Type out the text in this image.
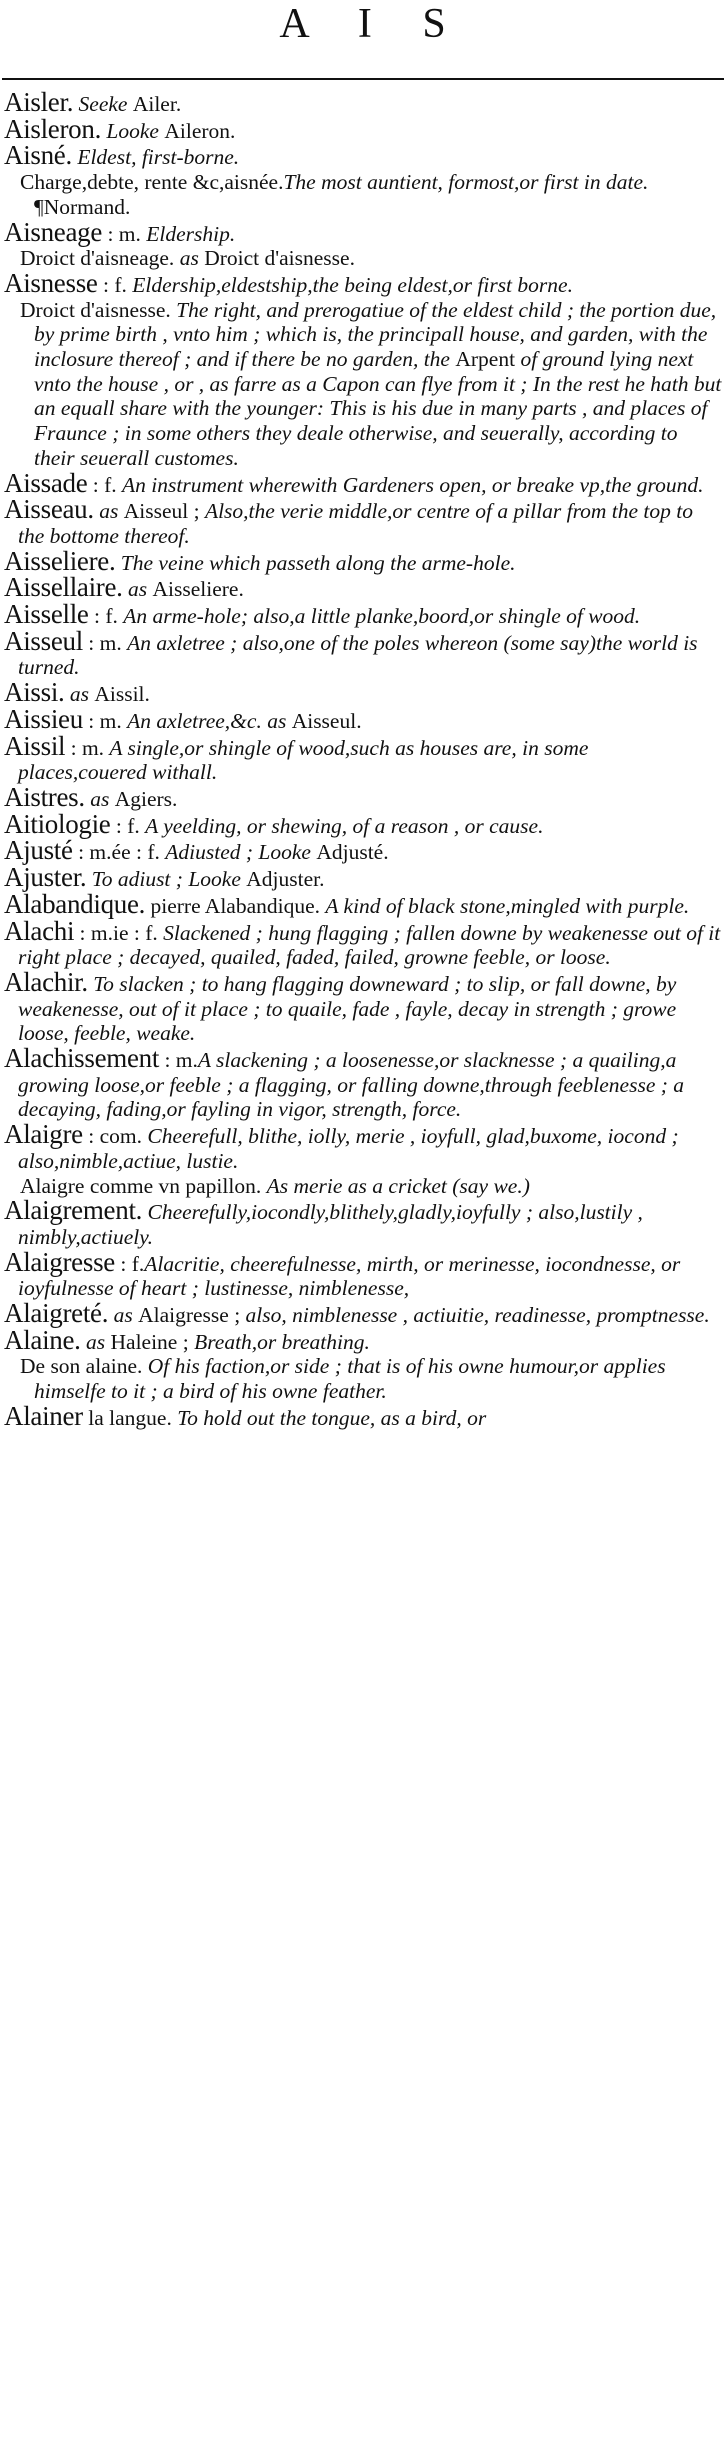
A I S
Aisler. Seeke Ailer.
Aisleron. Looke Aileron.
Aisné. Eldest, first-borne.
Charge,debte, rente &c,aisnée.The most auntient, formost,or first in date. ¶Normand.
Aisneage : m. Eldership.
Droict d'aisneage. as Droict d'aisnesse.
Aisnesse : f. Eldership,eldestship,the being eldest,or first borne.
Droict d'aisnesse. The right, and prerogatiue of the eldest child ; the portion due, by prime birth , vnto him ; which is, the principall house, and garden, with the inclosure thereof ; and if there be no garden, the Arpent of ground lying next vnto the house , or , as farre as a Capon can flye from it ; In the rest he hath but an equall share with the younger: This is his due in many parts , and places of Fraunce ; in some others they deale otherwise, and seuerally, according to their seuerall customes.
Aissade : f. An instrument wherewith Gardeners open, or breake vp,the ground.
Aisseau. as Aisseul ; Also,the verie middle,or centre of a pillar from the top to the bottome thereof.
Aisseliere. The veine which passeth along the arme-hole.
Aissellaire. as Aisseliere.
Aisselle : f. An arme-hole; also,a little planke,boord,or shingle of wood.
Aisseul : m. An axletree ; also,one of the poles whereon (some say)the world is turned.
Aissi. as Aissil.
Aissieu : m. An axletree,&c. as Aisseul.
Aissil : m. A single,or shingle of wood,such as houses are, in some places,couered withall.
Aistres. as Agiers.
Aitiologie : f. A yeelding, or shewing, of a reason , or cause.
Ajusté : m.ée : f. Adiusted ; Looke Adjusté.
Ajuster. To adiust ; Looke Adjuster.
Alabandique. pierre Alabandique. A kind of black stone,mingled with purple.
Alachi : m.ie : f. Slackened ; hung flagging ; fallen downe by weakenesse out of it right place ; decayed, quailed, faded, failed, growne feeble, or loose.
Alachir. To slacken ; to hang flagging downeward ; to slip, or fall downe, by weakenesse, out of it place ; to quaile, fade , fayle, decay in strength ; growe loose, feeble, weake.
Alachissement : m.A slackening ; a loosenesse,or slacknesse ; a quailing,a growing loose,or feeble ; a flagging, or falling downe,through feeblenesse ; a decaying, fading,or fayling in vigor, strength, force.
Alaigre : com. Cheerefull, blithe, iolly, merie , ioyfull, glad,buxome, iocond ; also,nimble,actiue, lustie.
Alaigre comme vn papillon. As merie as a cricket (say we.)
Alaigrement. Cheerefully,iocondly,blithely,gladly,ioyfully ; also,lustily , nimbly,actiuely.
Alaigresse : f.Alacritie, cheerefulnesse, mirth, or merinesse, iocondnesse, or ioyfulnesse of heart ; lustinesse, nimblenesse,
Alaigreté. as Alaigresse ; also, nimblenesse , actiuitie, readinesse, promptnesse.
Alaine. as Haleine ; Breath,or breathing.
De son alaine. Of his faction,or side ; that is of his owne humour,or applies himselfe to it ; a bird of his owne feather.
Alainer la langue. To hold out the tongue, as a bird, or
